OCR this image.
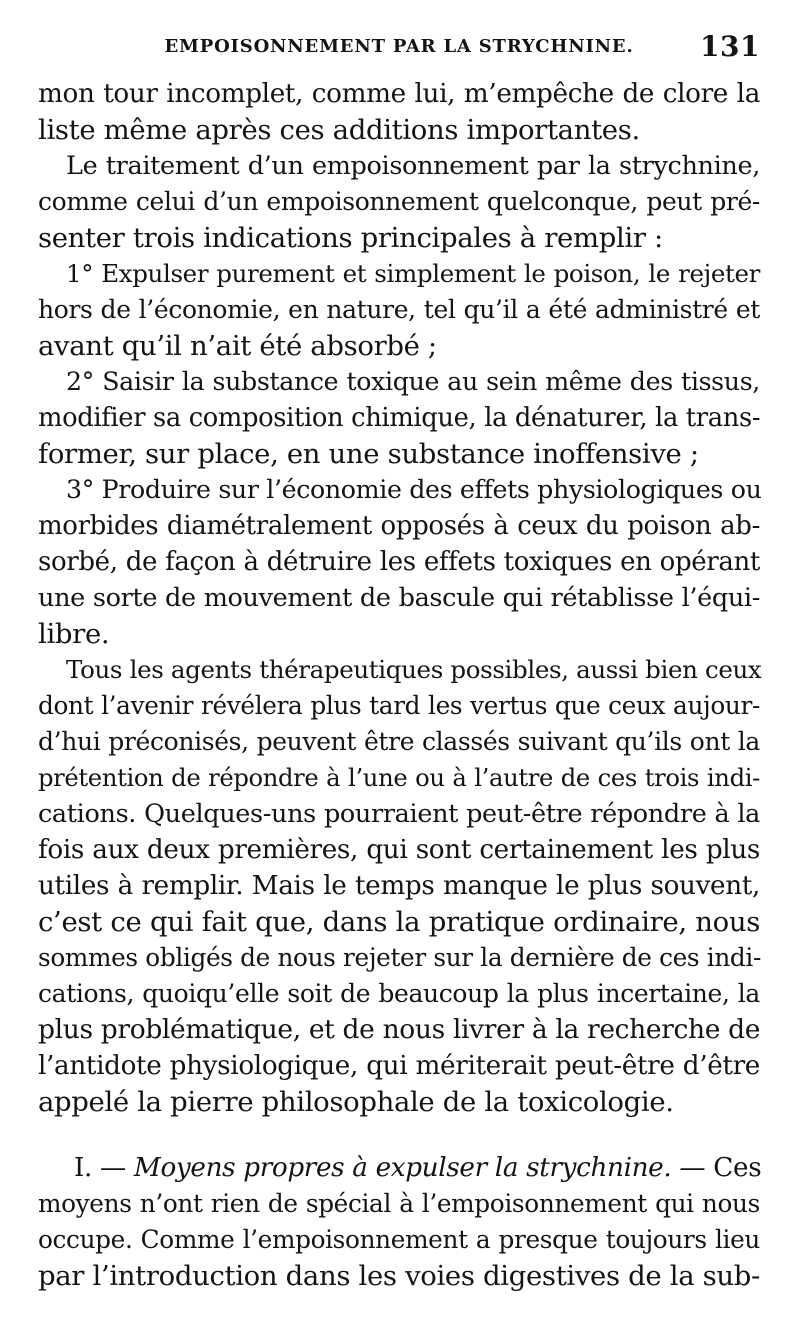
EMPOISONNEMENT PAR LA STRYCHNINE.	131
mon tour incomplet, comme lui, m’empêche de clore la
liste même après ces additions importantes.
Le traitement d’un empoisonnement par la strychnine,
comme celui d’un empoisonnement quelconque, peut pré-
senter trois indications principales à remplir :
1° Expulser purement et simplement le poison, le rejeter
hors de l’économie, en nature, tel qu’il a été administré et
avant qu’il n’ait été absorbé ;
2° Saisir la substance toxique au sein même des tissus,
modifier sa composition chimique, la dénaturer, la trans-
former, sur place, en une substance inoffensive ;
3° Produire sur l’économie des effets physiologiques ou
morbides diamétralement opposés à ceux du poison ab-
sorbé, de façon à détruire les effets toxiques en opérant
une sorte de mouvement de bascule qui rétablisse l’équi-
libre.
Tous les agents thérapeutiques possibles, aussi bien ceux
dont l’avenir révélera plus tard les vertus que ceux aujour-
d’hui préconisés, peuvent être classés suivant qu’ils ont la
prétention de répondre à l’une ou à l’autre de ces trois indi-
cations. Quelques-uns pourraient peut-être répondre à la
fois aux deux premières, qui sont certainement les plus
utiles à remplir. Mais le temps manque le plus souvent,
c’est ce qui fait que, dans la pratique ordinaire, nous
sommes obligés de nous rejeter sur la dernière de ces indi-
cations, quoiqu’elle soit de beaucoup la plus incertaine, la
plus problématique, et de nous livrer à la recherche de
l’antidote physiologique, qui mériterait peut-être d’être
appelé la pierre philosophale de la toxicologie.
I. — Moyens propres à expulser la strychnine. — Ces
moyens n’ont rien de spécial à l’empoisonnement qui nous
occupe. Comme l’empoisonnement a presque toujours lieu
par l’introduction dans les voies digestives de la sub-
